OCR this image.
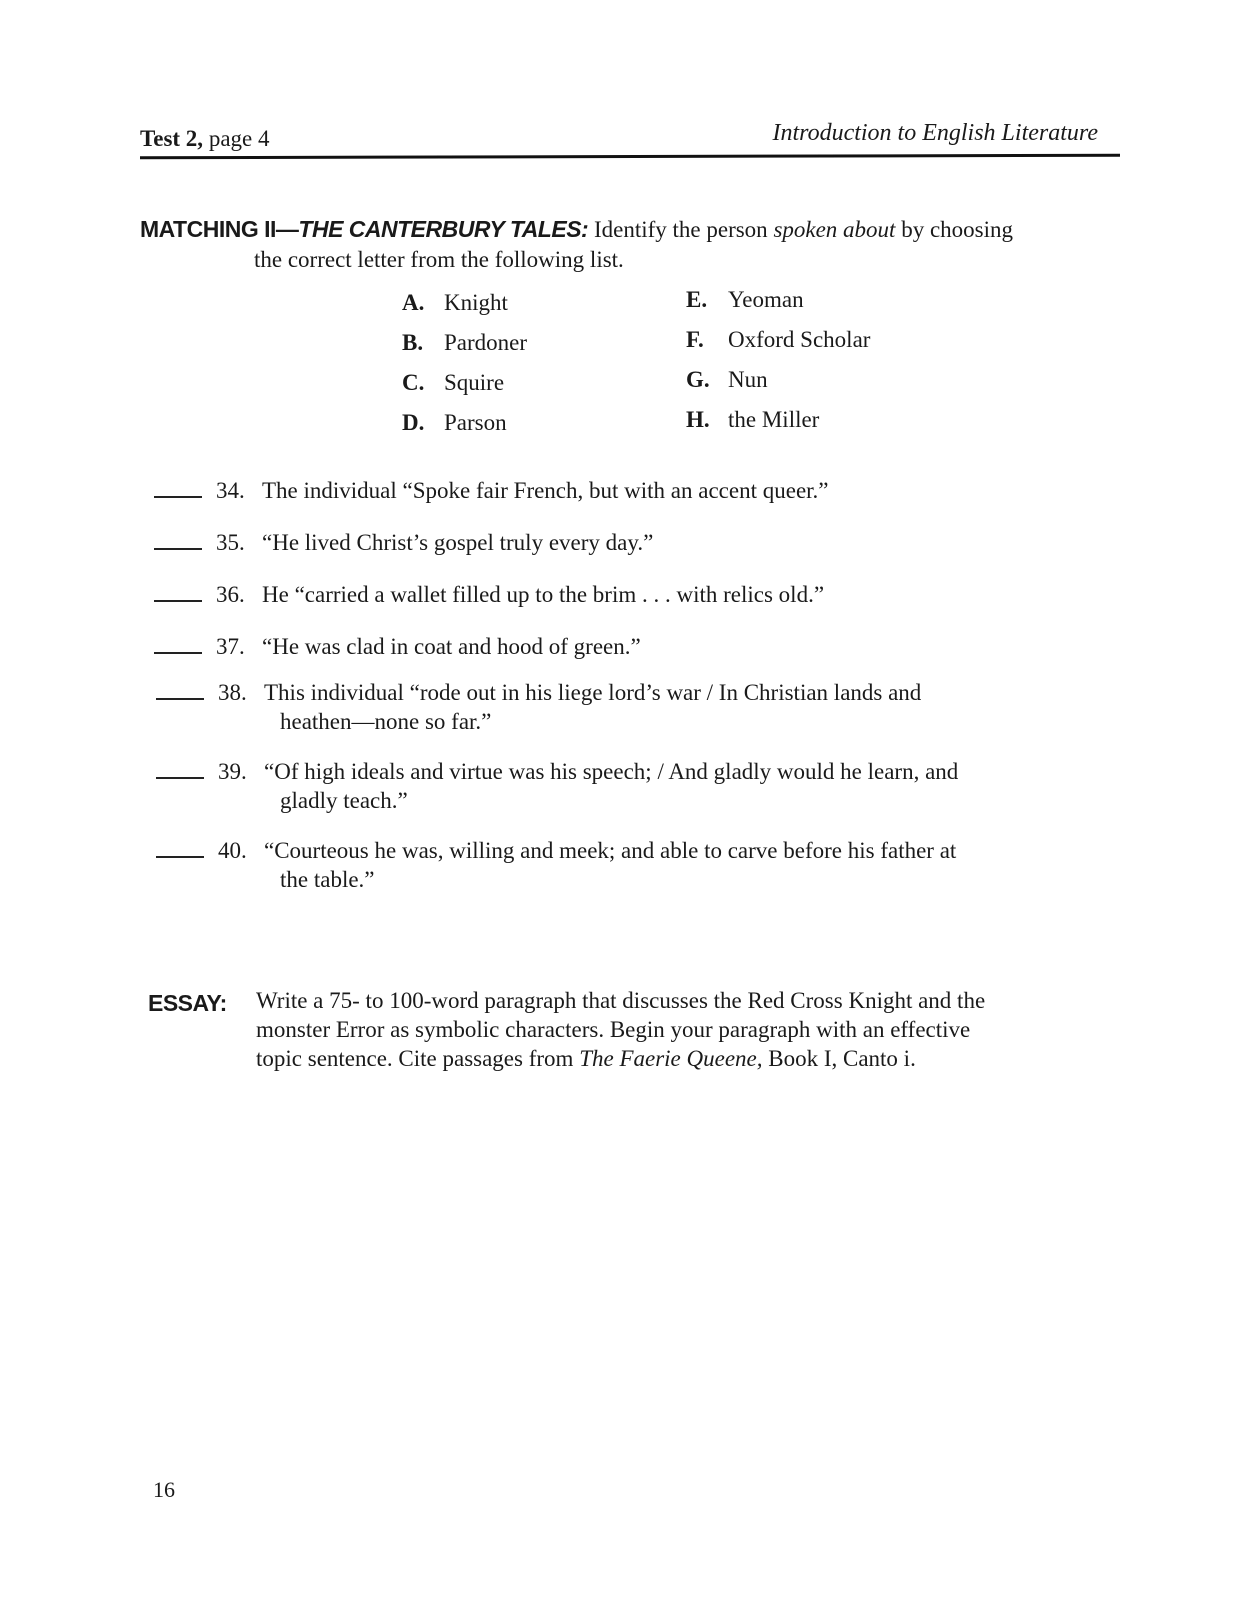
Test 2, page 4	Introduction to English Literature
MATCHING II—THE CANTERBURY TALES: Identify the person spoken about by choosing
the correct letter from the following list.
A. Knight
B. Pardoner
C. Squire
D. Parson
E. Yeoman
F. Oxford Scholar
G. Nun
H. the Miller
34. The individual “Spoke fair French, but with an accent queer.”
35. “He lived Christ’s gospel truly every day.”
36. He “carried a wallet filled up to the brim . . . with relics old.”
37. “He was clad in coat and hood of green.”
38. This individual “rode out in his liege lord’s war / In Christian lands and
heathen—none so far.”
39. “Of high ideals and virtue was his speech; / And gladly would he learn, and
gladly teach.”
40. “Courteous he was, willing and meek; and able to carve before his father at
the table.”
ESSAY: Write a 75- to 100-word paragraph that discusses the Red Cross Knight and the
monster Error as symbolic characters. Begin your paragraph with an effective
topic sentence. Cite passages from The Faerie Queene, Book I, Canto i.
16
